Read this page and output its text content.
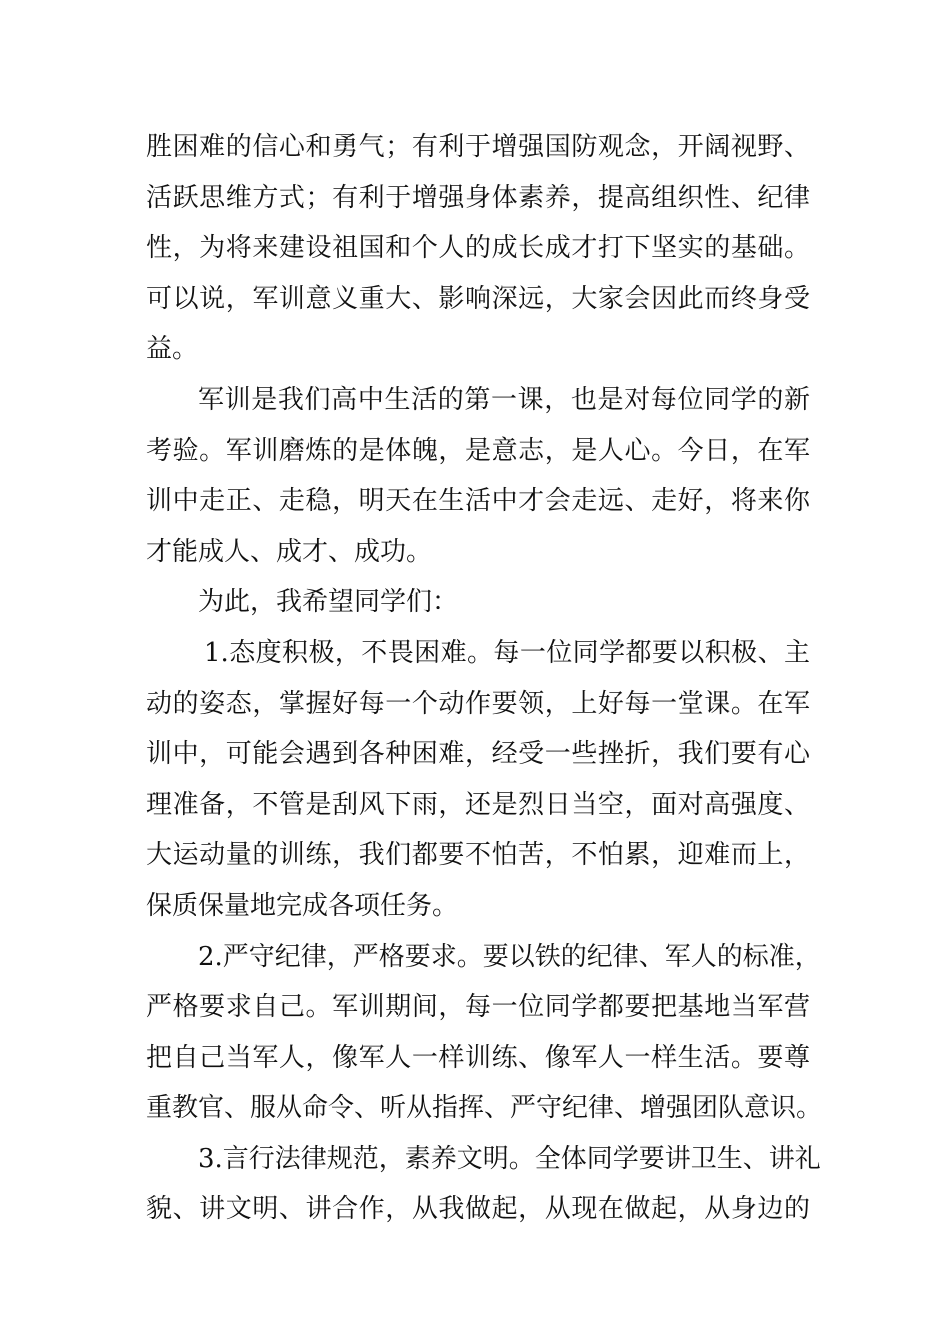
胜困难的信心和勇气；有利于增强国防观念，开阔视野、
活跃思维方式；有利于增强身体素养，提高组织性、纪律
性，为将来建设祖国和个人的成长成才打下坚实的基础。
可以说，军训意义重大、影响深远，大家会因此而终身受
益。
军训是我们高中生活的第一课，也是对每位同学的新
考验。军训磨炼的是体魄，是意志，是人心。今日，在军
训中走正、走稳，明天在生活中才会走远、走好，将来你
才能成人、成才、成功。
为此，我希望同学们：
1.态度积极，不畏困难。每一位同学都要以积极、主
动的姿态，掌握好每一个动作要领，上好每一堂课。在军
训中，可能会遇到各种困难，经受一些挫折，我们要有心
理准备，不管是刮风下雨，还是烈日当空，面对高强度、
大运动量的训练，我们都要不怕苦，不怕累，迎难而上，
保质保量地完成各项任务。
2.严守纪律，严格要求。要以铁的纪律、军人的标准，
严格要求自己。军训期间，每一位同学都要把基地当军营
把自己当军人，像军人一样训练、像军人一样生活。要尊
重教官、服从命令、听从指挥、严守纪律、增强团队意识。
3.言行法律规范，素养文明。全体同学要讲卫生、讲礼
貌、讲文明、讲合作，从我做起，从现在做起，从身边的
